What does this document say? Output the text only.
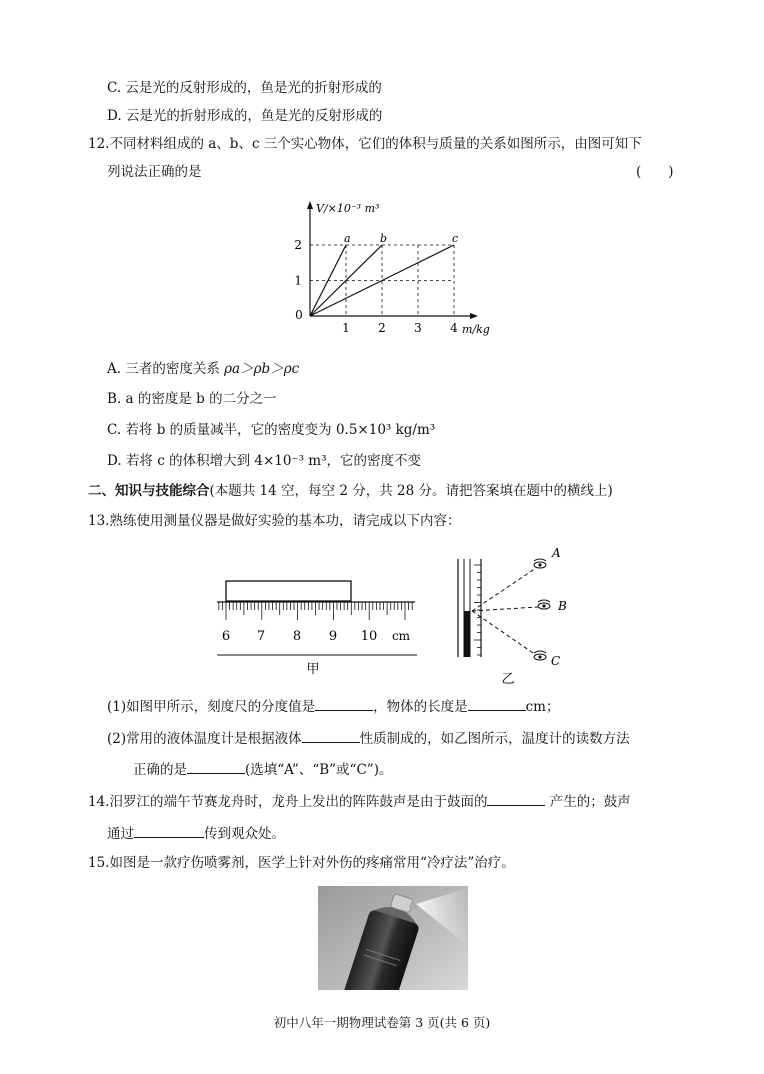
C. 云是光的反射形成的，鱼是光的折射形成的
D. 云是光的折射形成的，鱼是光的反射形成的
12.不同材料组成的 a、b、c 三个实心物体，它们的体积与质量的关系如图所示，由图可知下
列说法正确的是	(　　)
1
2
1 2 3 4
0
V/×10⁻³ m³
m/kg
a	b	c
A. 三者的密度关系 ρa＞ρb＞ρc
B. a 的密度是 b 的二分之一
C. 若将 b 的质量减半，它的密度变为 0.5×10³ kg/m³
D. 若将 c 的体积增大到 4×10⁻³ m³，它的密度不变
二、知识与技能综合(本题共 14 空，每空 2 分，共 28 分。请把答案填在题中的横线上)
13.熟练使用测量仪器是做好实验的基本功，请完成以下内容：
6 7 8 9 10 cm
甲
A
B
C
乙
(1)如图甲所示，刻度尺的分度值是	，物体的长度是	cm；
(2)常用的液体温度计是根据液体	性质制成的，如乙图所示，温度计的读数方法
正确的是	(选填“A”、“B”或“C”)。
14.汨罗江的端午节赛龙舟时，龙舟上发出的阵阵鼓声是由于鼓面的	产生的；鼓声
通过	传到观众处。
15.如图是一款疗伤喷雾剂，医学上针对外伤的疼痛常用“冷疗法”治疗。
初中八年一期物理试卷第 3 页(共 6 页)
